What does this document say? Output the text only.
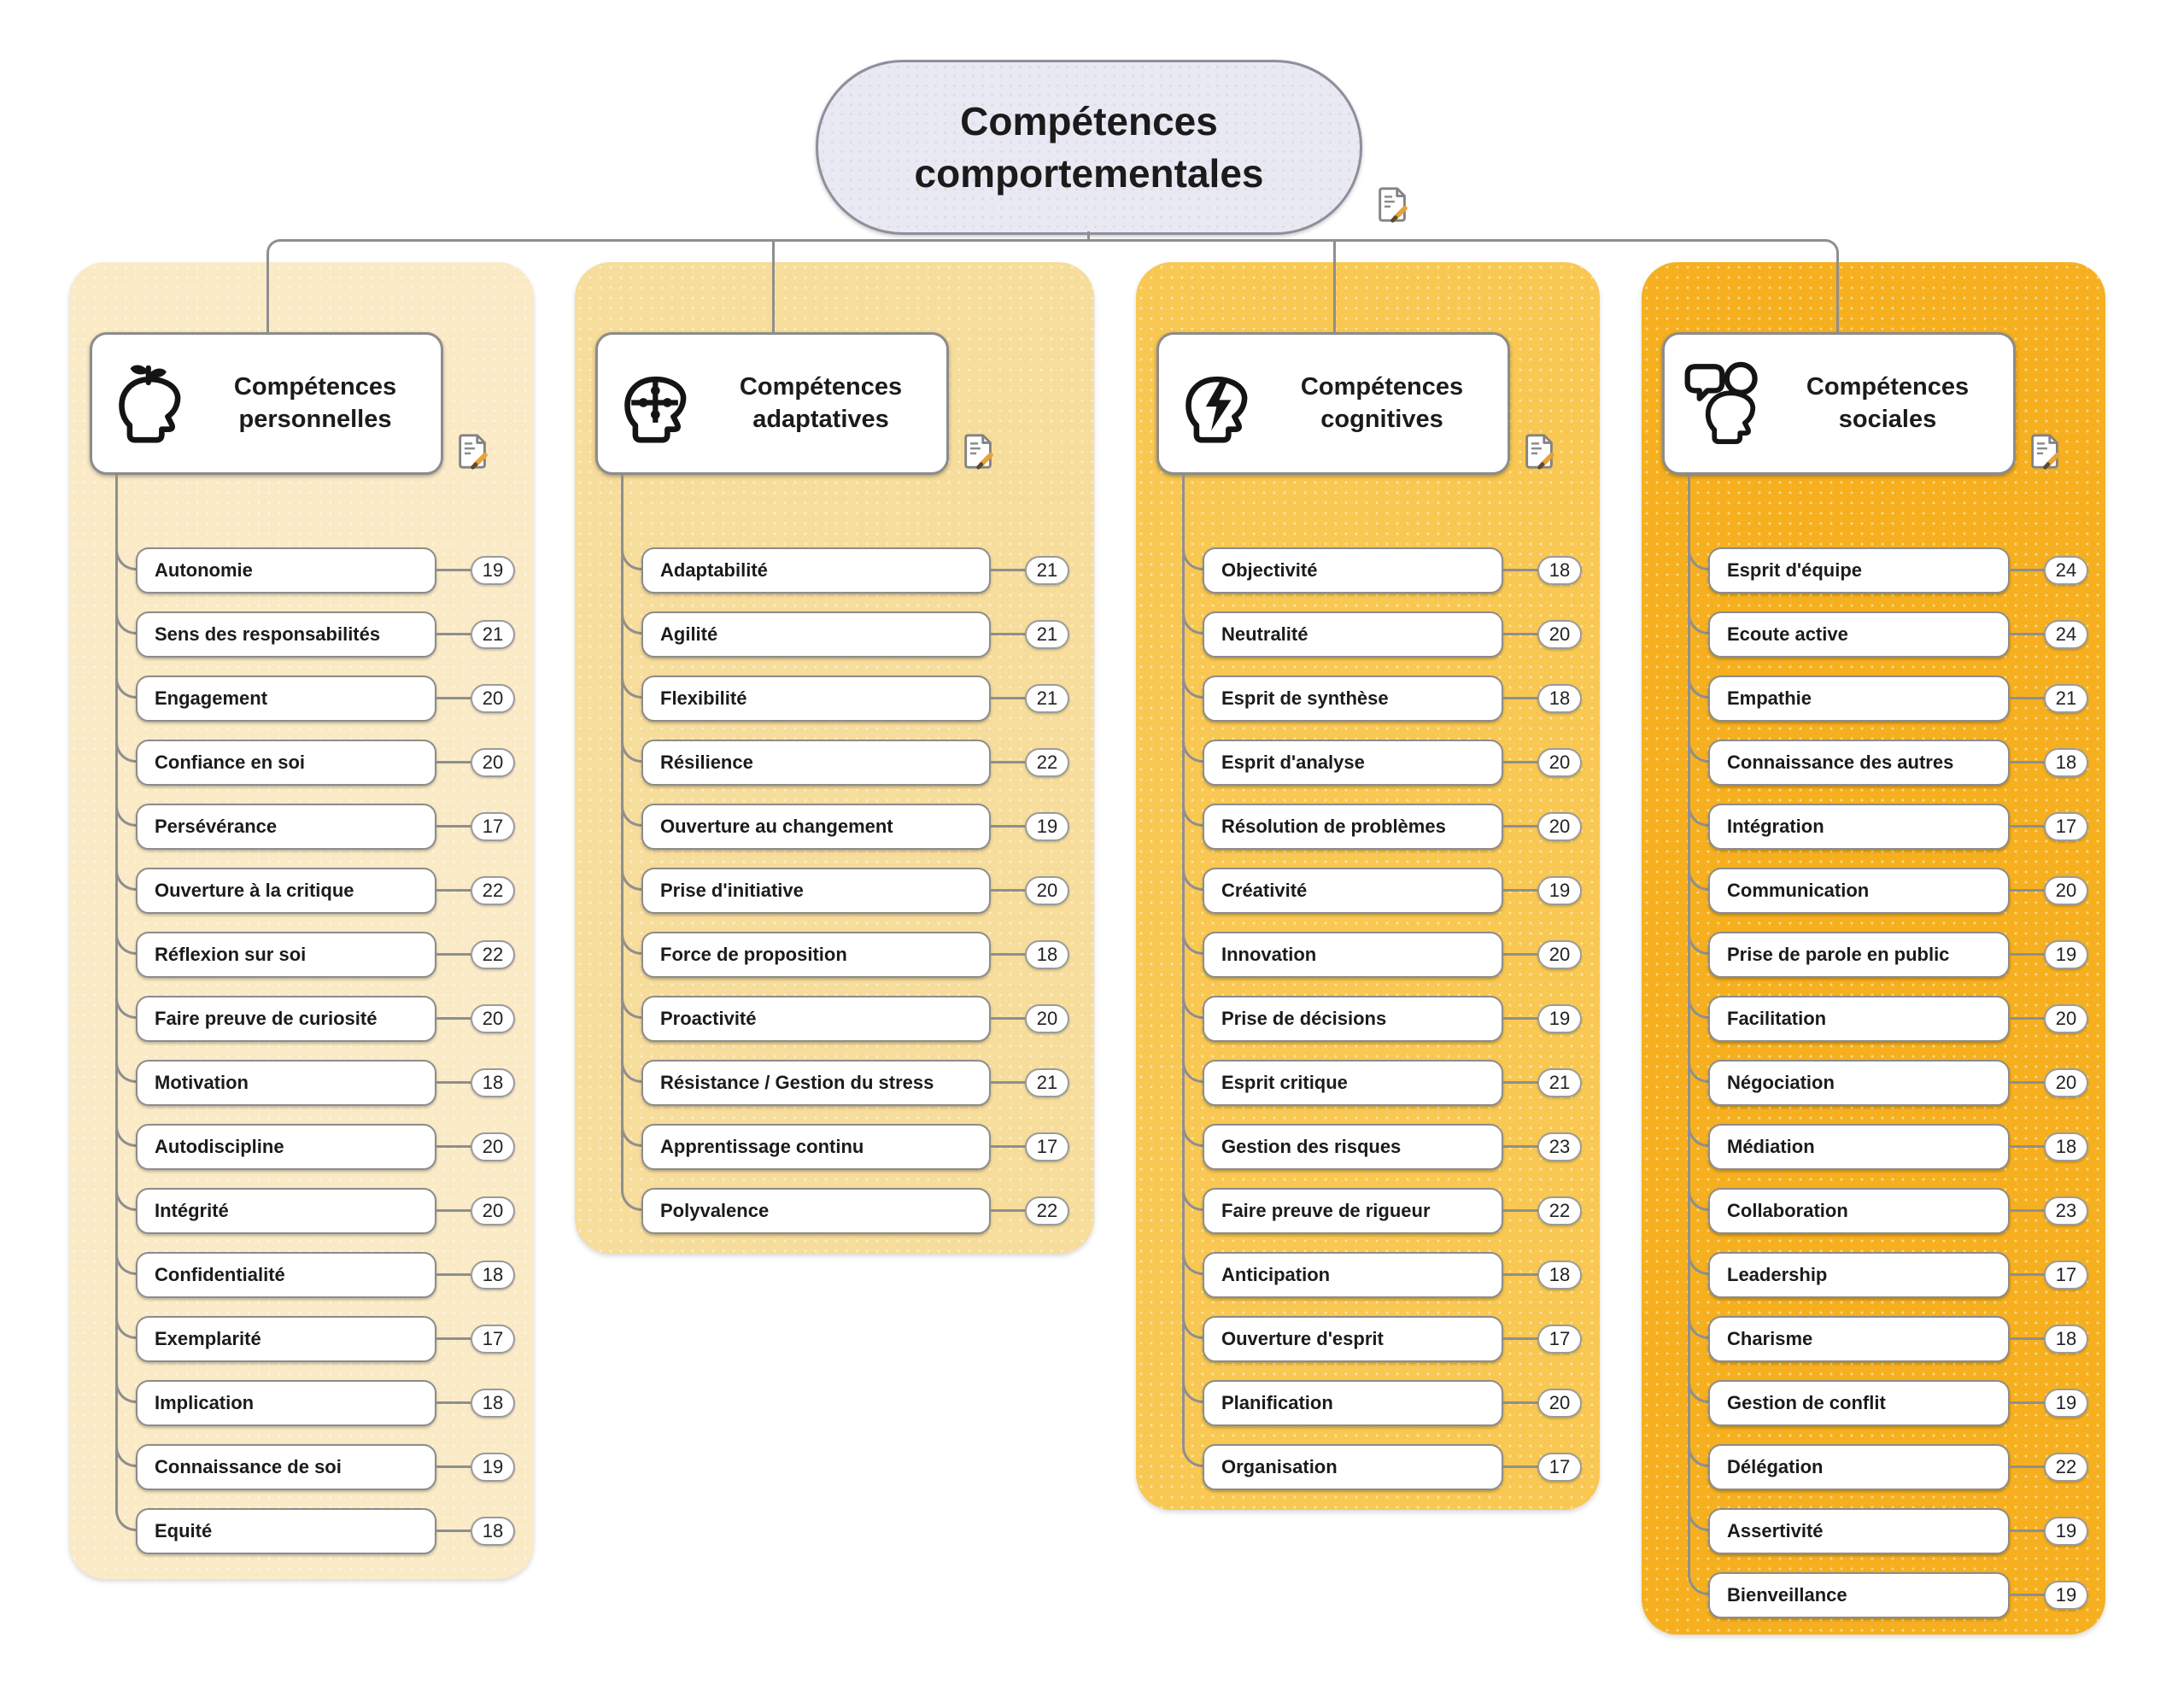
Compétences comportementales
Compétences personnelles
Autonomie	19
Sens des responsabilités	21
Engagement	20
Confiance en soi	20
Persévérance	17
Ouverture à la critique	22
Réflexion sur soi	22
Faire preuve de curiosité	20
Motivation	18
Autodiscipline	20
Intégrité	20
Confidentialité	18
Exemplarité	17
Implication	18
Connaissance de soi	19
Equité	18
Compétences adaptatives
Adaptabilité	21
Agilité	21
Flexibilité	21
Résilience	22
Ouverture au changement	19
Prise d'initiative	20
Force de proposition	18
Proactivité	20
Résistance / Gestion du stress	21
Apprentissage continu	17
Polyvalence	22
Compétences cognitives
Objectivité	18
Neutralité	20
Esprit de synthèse	18
Esprit d'analyse	20
Résolution de problèmes	20
Créativité	19
Innovation	20
Prise de décisions	19
Esprit critique	21
Gestion des risques	23
Faire preuve de rigueur	22
Anticipation	18
Ouverture d'esprit	17
Planification	20
Organisation	17
Compétences sociales
Esprit d'équipe	24
Ecoute active	24
Empathie	21
Connaissance des autres	18
Intégration	17
Communication	20
Prise de parole en public	19
Facilitation	20
Négociation	20
Médiation	18
Collaboration	23
Leadership	17
Charisme	18
Gestion de conflit	19
Délégation	22
Assertivité	19
Bienveillance	19
